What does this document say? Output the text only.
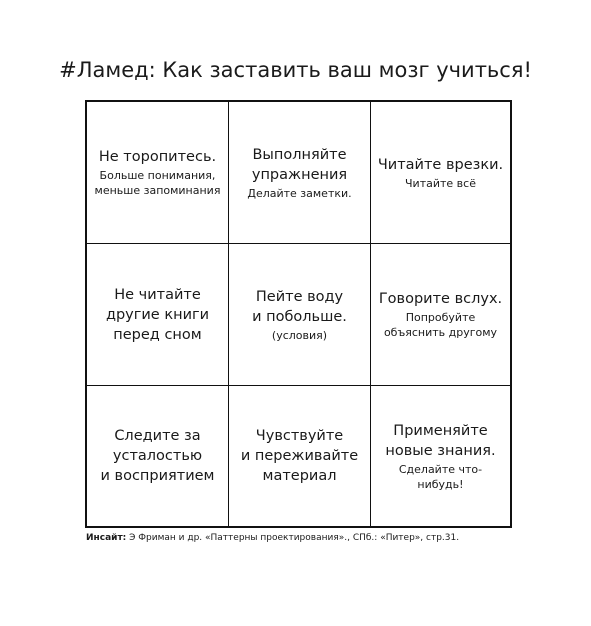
#Ламед: Как заставить ваш мозг учиться!
Не торопитесь.
Больше понимания,
меньше запоминания
Выполняйте
упражнения
Делайте заметки.
Читайте врезки.
Читайте всё
Не читайте
другие книги
перед сном
Пейте воду
и побольше.
(условия)
Говорите вслух.
Попробуйте
объяснить другому
Следите за
усталостью
и восприятием
Чувствуйте
и переживайте
материал
Применяйте
новые знания.
Сделайте что-нибудь!
Инсайт: Э Фриман и др. «Паттерны проектирования»., СПб.: «Питер», стр.31.
